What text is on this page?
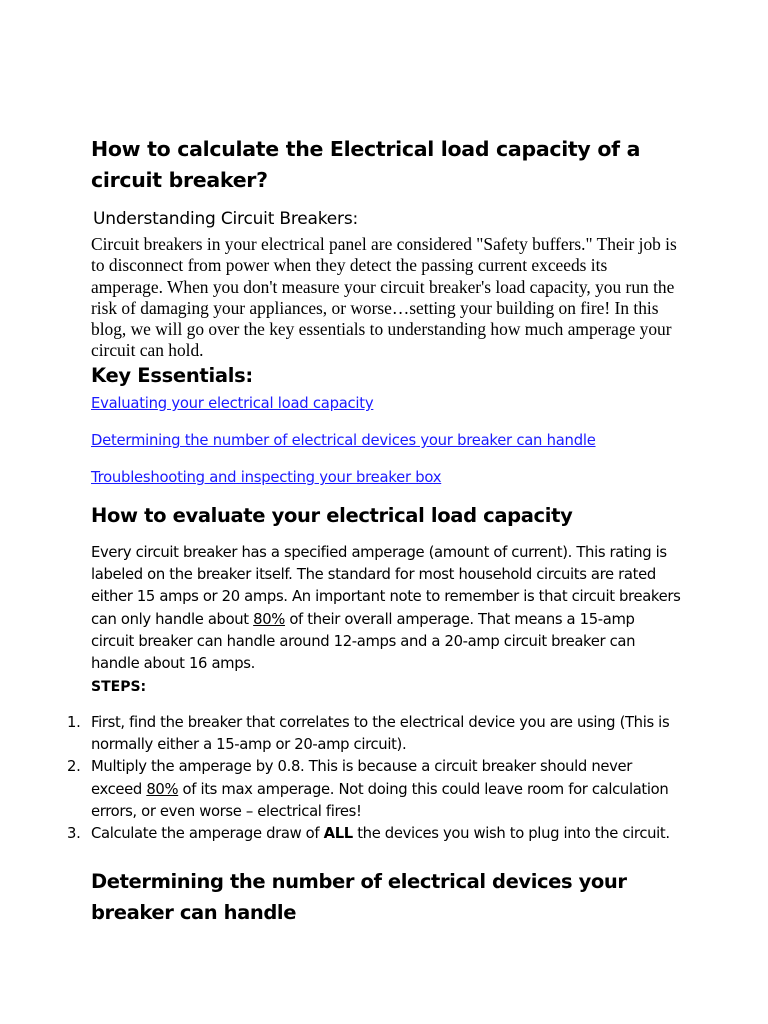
How to calculate the Electrical load capacity of a circuit breaker?
Understanding Circuit Breakers:

Circuit breakers in your electrical panel are considered "Safety buffers." Their job is to disconnect from power when they detect the passing current exceeds its amperage. When you don't measure your circuit breaker's load capacity, you run the risk of damaging your appliances, or worse…setting your building on fire! In this blog, we will go over the key essentials to understanding how much amperage your circuit can hold.

Key Essentials:
Evaluating your electrical load capacity
Determining the number of electrical devices your breaker can handle
Troubleshooting and inspecting your breaker box
How to evaluate your electrical load capacity

Every circuit breaker has a specified amperage (amount of current). This rating is labeled on the breaker itself. The standard for most household circuits are rated either 15 amps or 20 amps. An important note to remember is that circuit breakers can only handle about 80% of their overall amperage. That means a 15-amp circuit breaker can handle around 12-amps and a 20-amp circuit breaker can handle about 16 amps.

STEPS:
1. First, find the breaker that correlates to the electrical device you are using (This is normally either a 15-amp or 20-amp circuit).
2. Multiply the amperage by 0.8. This is because a circuit breaker should never exceed 80% of its max amperage. Not doing this could leave room for calculation errors, or even worse – electrical fires!
3. Calculate the amperage draw of ALL the devices you wish to plug into the circuit.
Determining the number of electrical devices your breaker can handle
